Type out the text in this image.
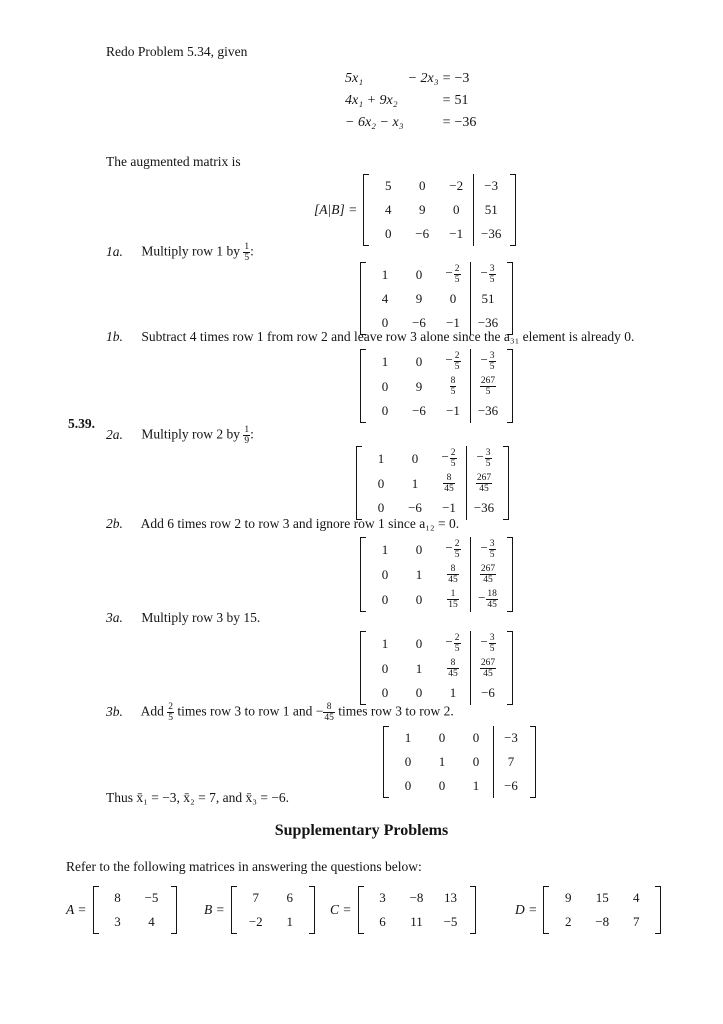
5.39.
Redo Problem 5.34, given
5x₁	− 2x₃	=	−3
4x₁ + 9x₂		=	51
− 6x₂ − x₃		=	−36
The augmented matrix is
[A|B] =
5	0	−2	−3
4	9	0	51
0	−6	−1	−36
1a. Multiply row 1 by $\frac{1}{5}$ :
1	0	− $\frac{2}{5}$	− $\frac{3}{5}$

4	9	0	51
0	−6	−1	−36
1b. Subtract 4 times row 1 from row 2 and leave row 3 alone since the a₃₁ element is already 0.
1	0	− $\frac{2}{5}$	− $\frac{3}{5}$

0	9	$\frac{8}{5}$	$\frac{267}{5}$

0	−6	−1	−36
2a. Multiply row 2 by $\frac{1}{9}$ :
1	0	− $\frac{2}{5}$	− $\frac{3}{5}$

0	1	$\frac{8}{45}$	$\frac{267}{45}$

0	−6	−1	−36
2b. Add 6 times row 2 to row 3 and ignore row 1 since a₁₂ = 0.
1	0	− $\frac{2}{5}$	− $\frac{3}{5}$

0	1	$\frac{8}{45}$	$\frac{267}{45}$

0	0	$\frac{1}{15}$	− $\frac{18}{45}$
3a. Multiply row 3 by 15.
1	0	− $\frac{2}{5}$	− $\frac{3}{5}$

0	1	$\frac{8}{45}$	$\frac{267}{45}$

0	0	1	−6
3b. Add $\frac{2}{5}$ times row 3 to row 1 and − $\frac{8}{45}$ times row 3 to row 2.
1	0	0	−3
0	1	0	7
0	0	1	−6
Thus x̄₁ = −3, x̄₂ = 7, and x̄₃ = −6.
Supplementary Problems
Refer to the following matrices in answering the questions below:
A =
8	−5
3	4
B =
7	6
−2	1
C =
3	−8	13
6	11	−5
D =
9	15	4
2	−8	7
